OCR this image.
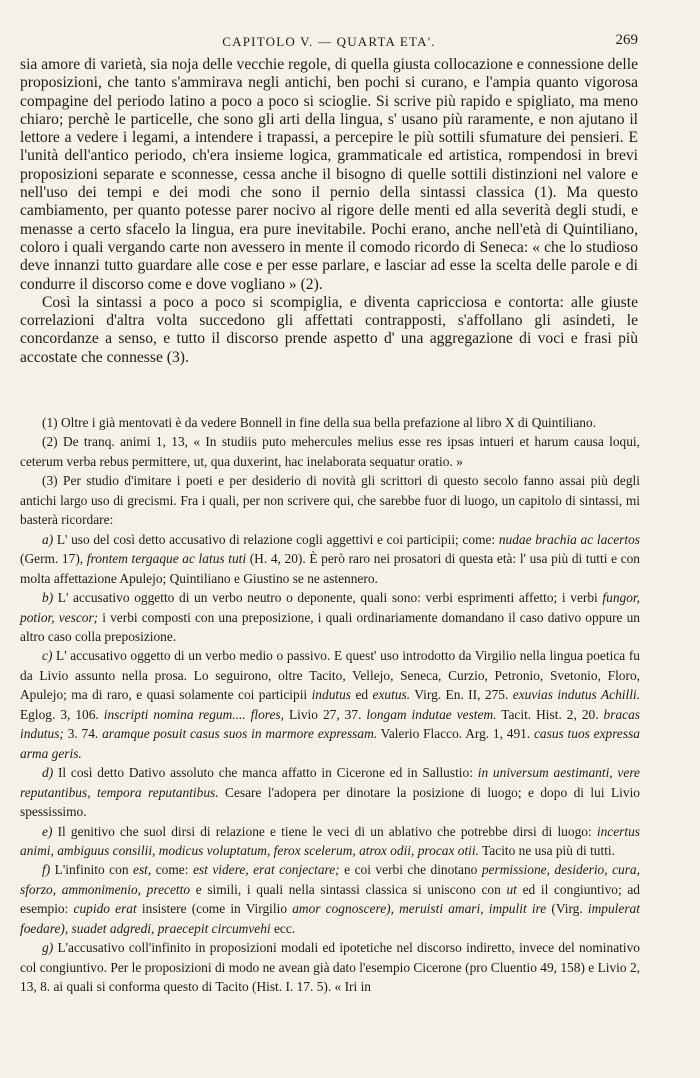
CAPITOLO V. — QUARTA ETA'.	269

sia amore di varietà, sia noja delle vecchie regole, di quella giusta collocazione e connessione delle proposizioni, che tanto s'ammirava negli antichi, ben pochi si curano, e l'ampia quanto vigorosa compagine del periodo latino a poco a poco si scioglie. Si scrive più rapido e spigliato, ma meno chiaro; perchè le particelle, che sono gli arti della lingua, s' usano più raramente, e non ajutano il lettore a vedere i legami, a intendere i trapassi, a percepire le più sottili sfumature dei pensieri. E l'unità dell'antico periodo, ch'era insieme logica, grammaticale ed artistica, rompendosi in brevi proposizioni separate e sconnesse, cessa anche il bisogno di quelle sottili distinzioni nel valore e nell'uso dei tempi e dei modi che sono il pernio della sintassi classica (1). Ma questo cambiamento, per quanto potesse parer nocivo al rigore delle menti ed alla severità degli studi, e menasse a certo sfacelo la lingua, era pure inevitabile. Pochi erano, anche nell'età di Quintiliano, coloro i quali vergando carte non avessero in mente il comodo ricordo di Seneca: « che lo studioso deve innanzi tutto guardare alle cose e per esse parlare, e lasciar ad esse la scelta delle parole e di condurre il discorso come e dove vogliano » (2).

Così la sintassi a poco a poco si scompiglia, e diventa capricciosa e contorta: alle giuste correlazioni d'altra volta succedono gli affettati contrapposti, s'affollano gli asindeti, le concordanze a senso, e tutto il discorso prende aspetto d' una aggregazione di voci e frasi più accostate che connesse (3).

(1) Oltre i già mentovati è da vedere Bonnell in fine della sua bella prefazione al libro X di Quintiliano.

(2) De tranq. animi 1, 13, « In studiis puto mehercules melius esse res ipsas intueri et harum causa loqui, ceterum verba rebus permittere, ut, qua duxerint, hac inelaborata sequatur oratio. »

(3) Per studio d'imitare i poeti e per desiderio di novità gli scrittori di questo secolo fanno assai più degli antichi largo uso di grecismi. Fra i quali, per non scrivere qui, che sarebbe fuor di luogo, un capitolo di sintassi, mi basterà ricordare:

a) L' uso del così detto accusativo di relazione cogli aggettivi e coi participii; come: nudae brachia ac lacertos (Germ. 17), frontem tergaque ac latus tuti (H. 4, 20). È però raro nei prosatori di questa età: l' usa più di tutti e con molta affettazione Apulejo; Quintiliano e Giustino se ne astennero.

b) L' accusativo oggetto di un verbo neutro o deponente, quali sono: verbi esprimenti affetto; i verbi fungor, potior, vescor; i verbi composti con una preposizione, i quali ordinariamente domandano il caso dativo oppure un altro caso colla preposizione.

c) L' accusativo oggetto di un verbo medio o passivo. E quest' uso introdotto da Virgilio nella lingua poetica fu da Livio assunto nella prosa. Lo seguirono, oltre Tacito, Vellejo, Seneca, Curzio, Petronio, Svetonio, Floro, Apulejo; ma di raro, e quasi solamente coi participii indutus ed exutus. Virg. En. II, 275. exuvias indutus Achilli. Eglog. 3, 106. inscripti nomina regum.... flores, Livio 27, 37. longam indutae vestem. Tacit. Hist. 2, 20. bracas indutus; 3. 74. aramque posuit casus suos in marmore expressam. Valerio Flacco. Arg. 1, 491. casus tuos expressa arma geris.

d) Il così detto Dativo assoluto che manca affatto in Cicerone ed in Sallustio: in universum aestimanti, vere reputantibus, tempora reputantibus. Cesare l'adopera per dinotare la posizione di luogo; e dopo di lui Livio spessissimo.

e) Il genitivo che suol dirsi di relazione e tiene le veci di un ablativo che potrebbe dirsi di luogo: incertus animi, ambiguus consilii, modicus voluptatum, ferox scelerum, atrox odii, procax otii. Tacito ne usa più di tutti.

f) L'infinito con est, come: est videre, erat conjectare; e coi verbi che dinotano permissione, desiderio, cura, sforzo, ammonimenio, precetto e simili, i quali nella sintassi classica si uniscono con ut ed il congiuntivo; ad esempio: cupido erat insistere (come in Virgilio amor cognoscere), meruisti amari, impulit ire (Virg. impulerat foedare), suadet adgredi, praecepit circumvehi ecc.

g) L'accusativo coll'infinito in proposizioni modali ed ipotetiche nel discorso indiretto, invece del nominativo col congiuntivo. Per le proposizioni di modo ne avean già dato l'esempio Cicerone (pro Cluentio 49, 158) e Livio 2, 13, 8. ai quali si conforma questo di Tacito (Hist. I. 17. 5). « Iri in
